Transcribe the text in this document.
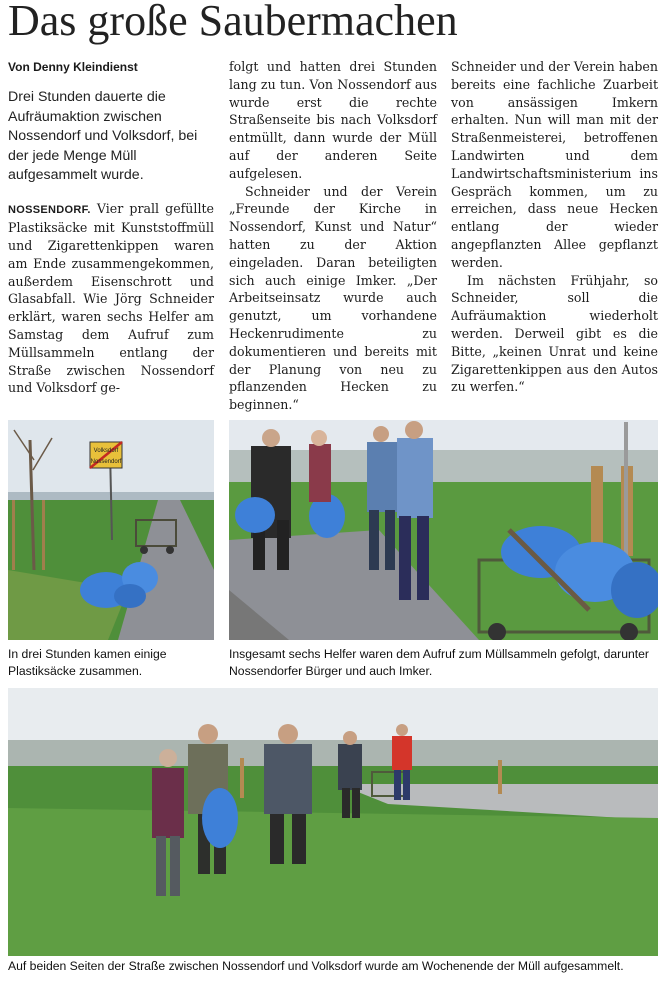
Das große Saubermachen
Von Denny Kleindienst
Drei Stunden dauerte die Aufräumaktion zwischen Nossendorf und Volksdorf, bei der jede Menge Müll aufgesammelt wurde.

NOSSENDORF. Vier prall gefüllte Plastiksäcke mit Kunststoffmüll und Zigarettenkippen waren am Ende zusammengekommen, außerdem Eisenschrott und Glasabfall. Wie Jörg Schneider erklärt, waren sechs Helfer am Samstag dem Aufruf zum Müllsammeln entlang der Straße zwischen Nossendorf und Volksdorf ge-

folgt und hatten drei Stunden lang zu tun. Von Nossendorf aus wurde erst die rechte Straßenseite bis nach Volksdorf entmüllt, dann wurde der Müll auf der anderen Seite aufgelesen.

Schneider und der Verein „Freunde der Kirche in Nossendorf, Kunst und Natur“ hatten zu der Aktion eingeladen. Daran beteiligten sich auch einige Imker. „Der Arbeitseinsatz wurde auch genutzt, um vorhandene Heckenrudimente zu dokumentieren und bereits mit der Planung von neu zu pflanzenden Hecken zu beginnen.“

Schneider und der Verein haben bereits eine fachliche Zuarbeit von ansässigen Imkern erhalten. Nun will man mit der Straßenmeisterei, betroffenen Landwirten und dem Landwirtschaftsministerium ins Gespräch kommen, um zu erreichen, dass neue Hecken entlang der wieder angepflanzten Allee gepflanzt werden.

Im nächsten Frühjahr, so Schneider, soll die Aufräumaktion wiederholt werden. Derweil gibt es die Bitte, „keinen Unrat und keine Zigarettenkippen aus den Autos zu werfen.“

Volksdorf
Nossendorf

In drei Stunden kamen einige Plastiksäcke zusammen.

Insgesamt sechs Helfer waren dem Aufruf zum Müllsammeln gefolgt, darunter Nossendorfer Bürger und auch Imker.

Auf beiden Seiten der Straße zwischen Nossendorf und Volksdorf wurde am Wochenende der Müll aufgesammelt.
